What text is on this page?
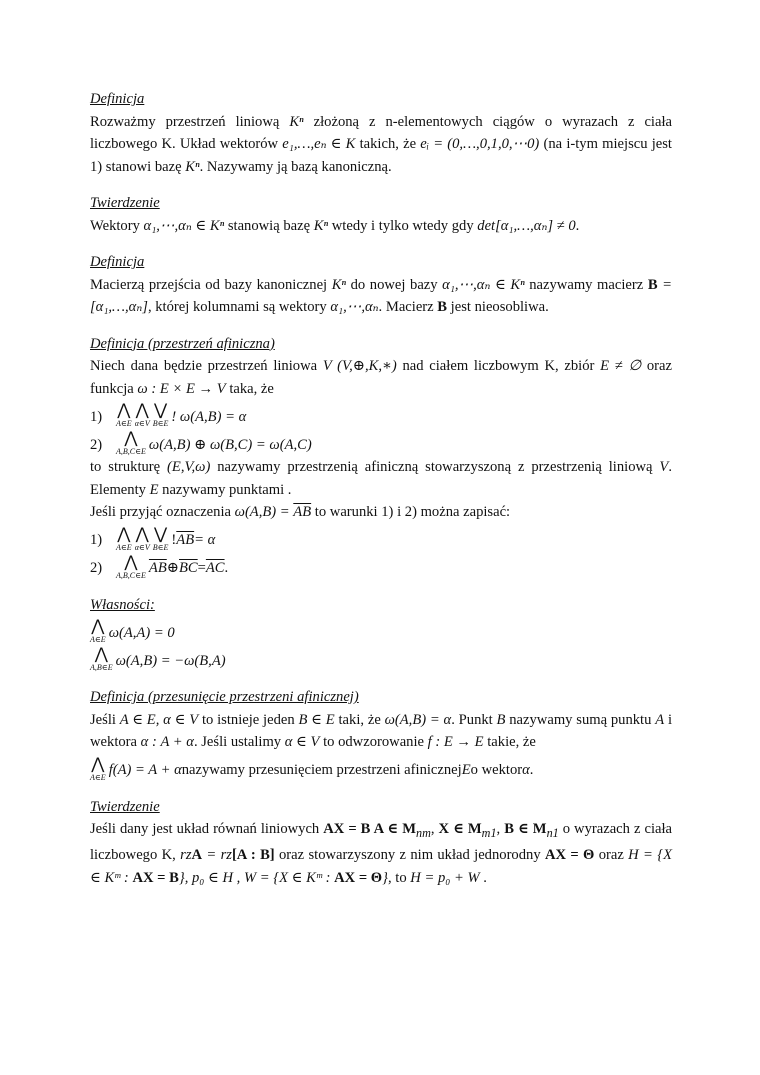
Definicja
Rozważmy przestrzeń liniową Kⁿ złożoną z n-elementowych ciągów o wyrazach z ciała liczbowego K. Układ wektorów e₁,…,eₙ ∈ K takich, że eᵢ = (0,…,0,1,0,⋯0) (na i-tym miejscu jest 1) stanowi bazę Kⁿ. Nazywamy ją bazą kanoniczną.
Twierdzenie
Wektory α₁,⋯,αₙ ∈ Kⁿ stanowią bazę Kⁿ wtedy i tylko wtedy gdy det[α₁,…,αₙ] ≠ 0.
Definicja
Macierzą przejścia od bazy kanonicznej Kⁿ do nowej bazy α₁,⋯,αₙ ∈ Kⁿ nazywamy macierz B = [α₁,…,αₙ], której kolumnami są wektory α₁,⋯,αₙ. Macierz B jest nieosobliwa.
Definicja (przestrzeń afiniczna)
Niech dana będzie przestrzeń liniowa V (V,⊕,K,∗) nad ciałem liczbowym K, zbiór E ≠ ∅ oraz funkcja ω : E × E → V taka, że
1) ⋀
A∈E
⋀
α∈V
⋁
B∈E ! ω(A,B) = α
2)	⋀
A,B,C∈E ω(A,B) ⊕ ω(B,C) = ω(A,C)
to strukturę (E,V,ω) nazywamy przestrzenią afiniczną stowarzyszoną z przestrzenią liniową V. Elementy E nazywamy punktami .
Jeśli przyjąć oznaczenia $\omega(A,B) = \overline{AB}$ to warunki 1) i 2) można zapisać:
1) ⋀
A∈E
⋀
α∈V
⋁
B∈E ! $\overline{AB} = \alpha$
2)	⋀
A,B,C∈E $\overline{AB}$ ⊕ $\overline{BC} = \overline{AC}$ .
Własności:
⋀
A∈E ω(A,A) = 0
⋀
A,B∈E ω(A,B) = −ω(B,A)
Definicja (przesunięcie przestrzeni afinicznej)
Jeśli A ∈ E, α ∈ V to istnieje jeden B ∈ E taki, że ω(A,B) = α. Punkt B nazywamy sumą punktu A i wektora α : A + α. Jeśli ustalimy α ∈ V to odwzorowanie f : E → E takie, że
⋀
A∈E f(A) = A + α nazywamy przesunięciem przestrzeni afinicznej E o wektor α .
Twierdzenie
Jeśli dany jest układ równań liniowych AX = B A ∈ $M_{nm}$, X ∈ $M_{m1}$, B ∈ $M_{n1}$ o wyrazach z ciała liczbowego K, rzA = rz[A : B] oraz stowarzyszony z nim układ jednorodny AX = Θ oraz H = {X ∈ Kᵐ : AX = B}, p₀ ∈ H , W = {X ∈ Kᵐ : AX = Θ}, to H = p₀ + W .
